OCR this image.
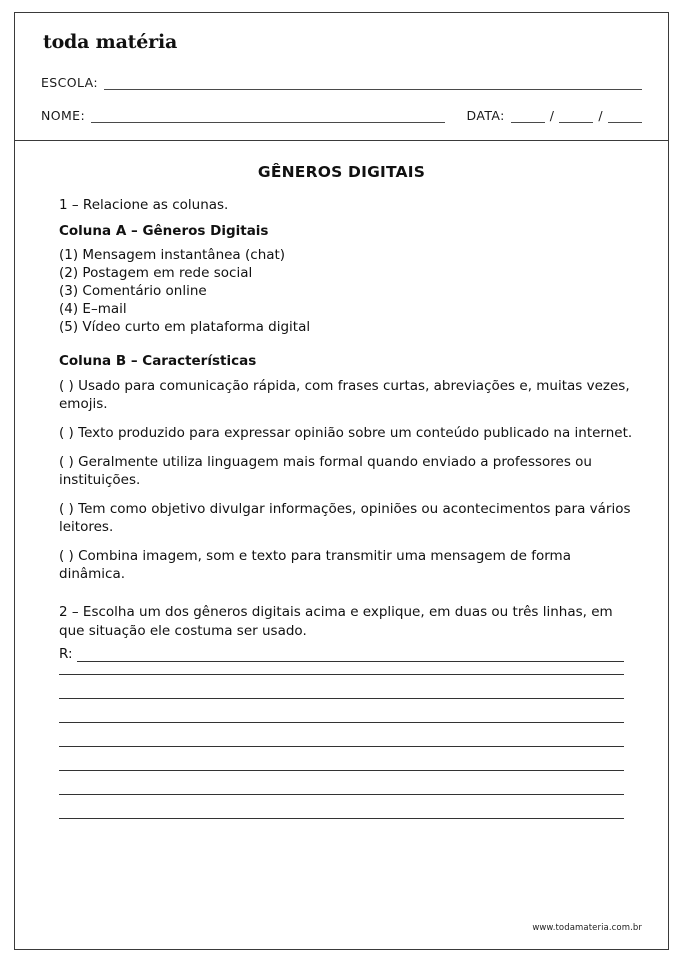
toda matéria
ESCOLA:
NOME:	DATA:	/	/
GÊNEROS DIGITAIS
1 – Relacione as colunas.
Coluna A – Gêneros Digitais
(1) Mensagem instantânea (chat)
(2) Postagem em rede social
(3) Comentário online
(4) E–mail
(5) Vídeo curto em plataforma digital
Coluna B – Características
( ) Usado para comunicação rápida, com frases curtas, abreviações e, muitas vezes, emojis.
( ) Texto produzido para expressar opinião sobre um conteúdo publicado na internet.
( ) Geralmente utiliza linguagem mais formal quando enviado a professores ou instituições.
( ) Tem como objetivo divulgar informações, opiniões ou acontecimentos para vários leitores.
( ) Combina imagem, som e texto para transmitir uma mensagem de forma dinâmica.
2 – Escolha um dos gêneros digitais acima e explique, em duas ou três linhas, em que situação ele costuma ser usado.
R:
www.todamateria.com.br
